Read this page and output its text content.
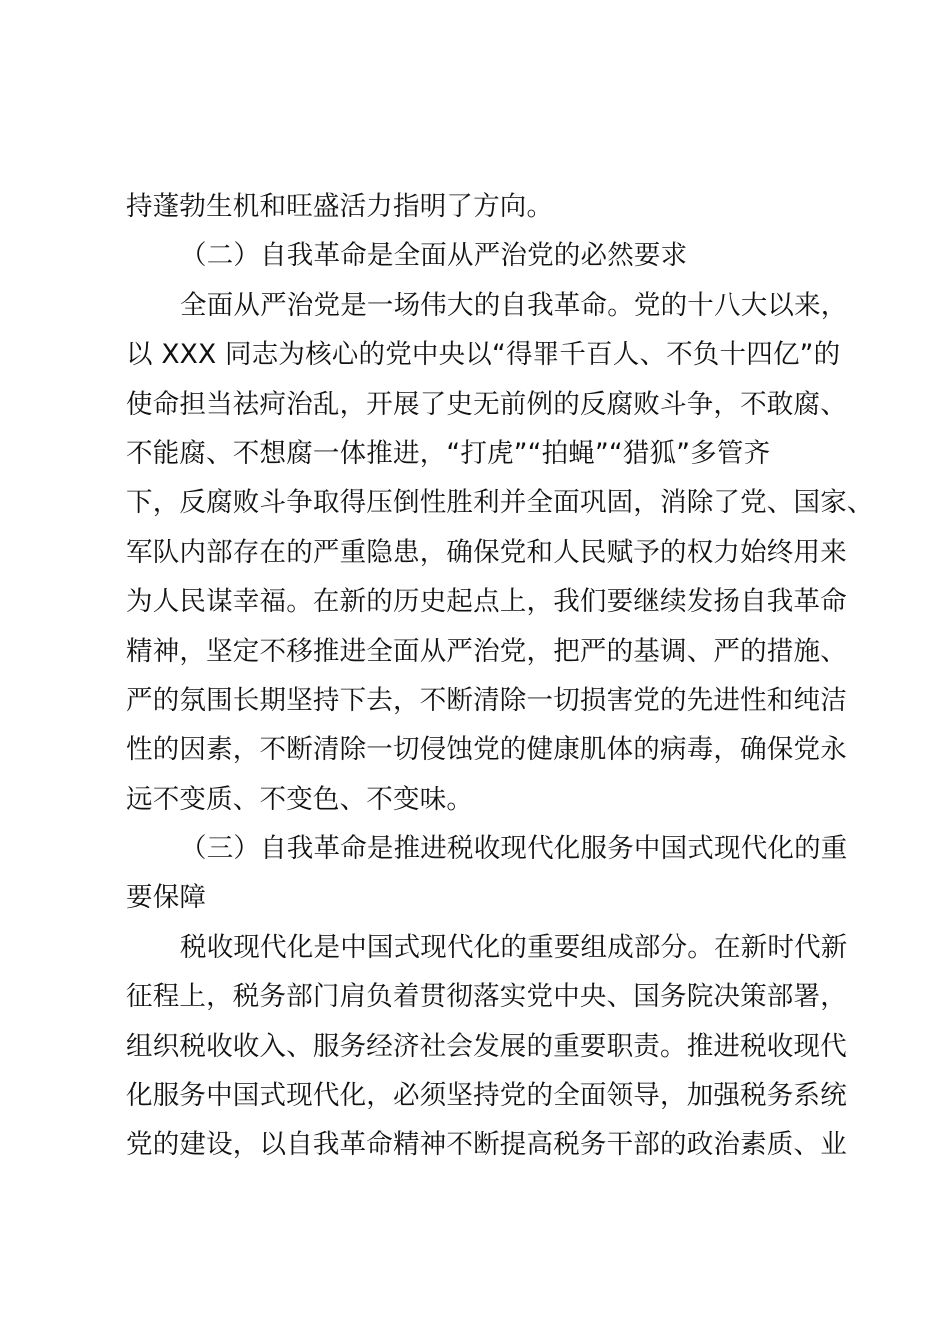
持蓬勃生机和旺盛活力指明了方向。
（二）自我革命是全面从严治党的必然要求
全面从严治党是一场伟大的自我革命。党的十八大以来，
以 XXX 同志为核心的党中央以“得罪千百人、不负十四亿”的
使命担当祛疴治乱，开展了史无前例的反腐败斗争，不敢腐、
不能腐、不想腐一体推进，“打虎”“拍蝇”“猎狐”多管齐
下，反腐败斗争取得压倒性胜利并全面巩固，消除了党、国家、
军队内部存在的严重隐患，确保党和人民赋予的权力始终用来
为人民谋幸福。在新的历史起点上，我们要继续发扬自我革命
精神，坚定不移推进全面从严治党，把严的基调、严的措施、
严的氛围长期坚持下去，不断清除一切损害党的先进性和纯洁
性的因素，不断清除一切侵蚀党的健康肌体的病毒，确保党永
远不变质、不变色、不变味。
（三）自我革命是推进税收现代化服务中国式现代化的重
要保障
税收现代化是中国式现代化的重要组成部分。在新时代新
征程上，税务部门肩负着贯彻落实党中央、国务院决策部署，
组织税收收入、服务经济社会发展的重要职责。推进税收现代
化服务中国式现代化，必须坚持党的全面领导，加强税务系统
党的建设，以自我革命精神不断提高税务干部的政治素质、业
